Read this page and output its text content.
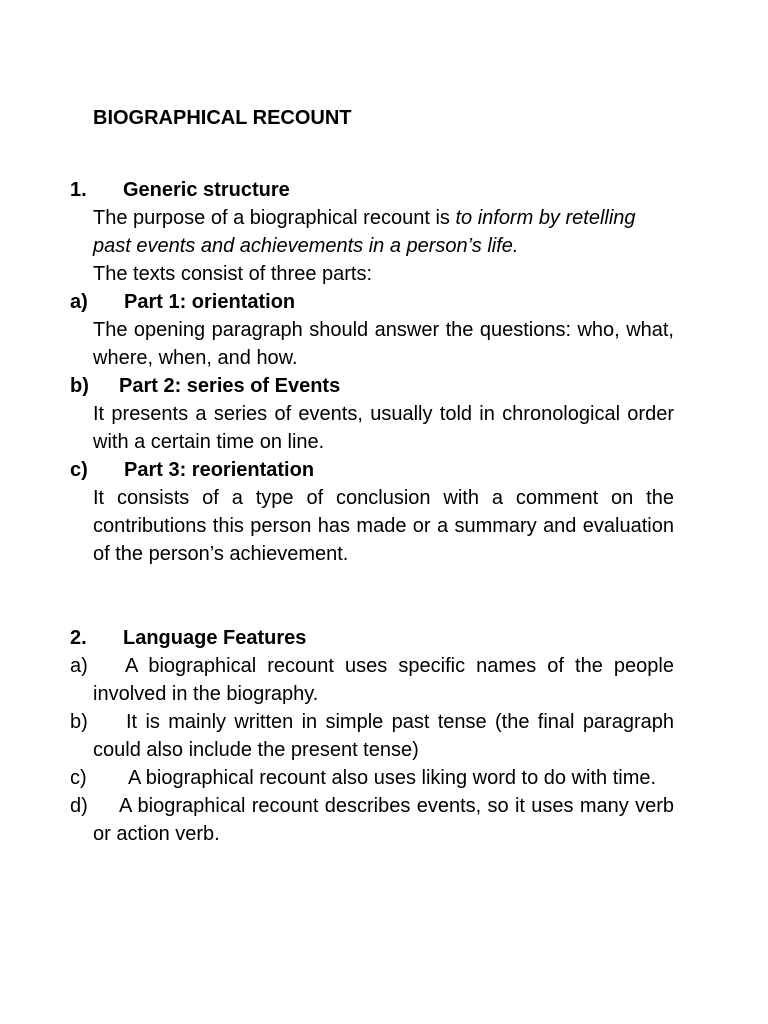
BIOGRAPHICAL RECOUNT
1.	Generic structure
The purpose of a biographical recount is to inform by retelling past events and achievements in a person’s life.
The texts consist of three parts:
a)	Part 1: orientation
The opening paragraph should answer the questions: who, what, where, when, and how.
b)	Part 2: series of Events
It presents a series of events, usually told in chronological order with a certain time on line.
c)	Part 3: reorientation
It consists of a type of conclusion with a comment on the contributions this person has made or a summary and evaluation of the person’s achievement.
2.	Language Features
a) A biographical recount uses specific names of the people involved in the biography.
b) It is mainly written in simple past tense (the final paragraph could also include the present tense)
c) A biographical recount also uses liking word to do with time.
d) A biographical recount describes events, so it uses many verb or action verb.
